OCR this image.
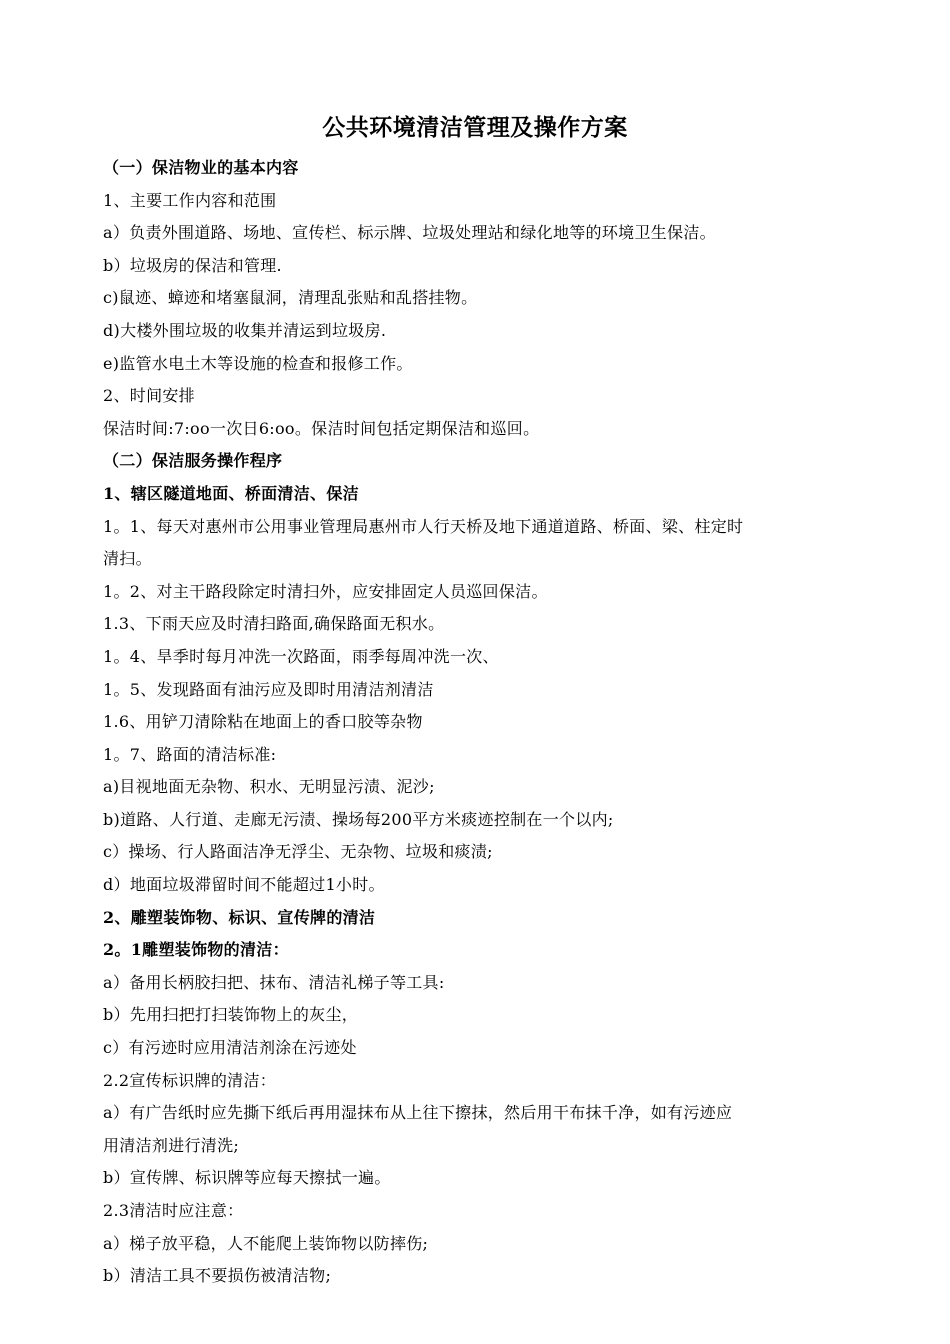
公共环境清洁管理及操作方案
（一）保洁物业的基本内容
1、主要工作内容和范围
a）负责外围道路、场地、宣传栏、标示牌、垃圾处理站和绿化地等的环境卫生保洁。
b）垃圾房的保洁和管理.
c)鼠迹、蟑迹和堵塞鼠洞，清理乱张贴和乱搭挂物。
d)大楼外围垃圾的收集并清运到垃圾房.
e)监管水电土木等设施的检查和报修工作。
2、时间安排
保洁时间:7:oo一次日6:oo。保洁时间包括定期保洁和巡回。
（二）保洁服务操作程序
1、辖区隧道地面、桥面清洁、保洁
1。1、每天对惠州市公用事业管理局惠州市人行天桥及地下通道道路、桥面、梁、柱定时
清扫。
1。2、对主干路段除定时清扫外，应安排固定人员巡回保洁。
1.3、下雨天应及时清扫路面,确保路面无积水。
1。4、旱季时每月冲洗一次路面，雨季每周冲洗一次、
1。5、发现路面有油污应及即时用清洁剂清洁
1.6、用铲刀清除粘在地面上的香口胶等杂物
1。7、路面的清洁标准:
a)目视地面无杂物、积水、无明显污渍、泥沙;
b)道路、人行道、走廊无污渍、操场每200平方米痰迹控制在一个以内;
c）操场、行人路面洁净无浮尘、无杂物、垃圾和痰渍;
d）地面垃圾滞留时间不能超过1小时。
2、雕塑装饰物、标识、宣传牌的清洁
2。1雕塑装饰物的清洁：
a）备用长柄胶扫把、抹布、清洁礼梯子等工具:
b）先用扫把打扫装饰物上的灰尘，
c）有污迹时应用清洁剂涂在污迹处
2.2宣传标识牌的清洁：
a）有广告纸时应先撕下纸后再用湿抹布从上往下擦抹，然后用干布抹千净，如有污迹应
用清洁剂进行清洗;
b）宣传牌、标识牌等应每天擦拭一遍。
2.3清洁时应注意：
a）梯子放平稳，人不能爬上装饰物以防摔伤;
b）清洁工具不要损伤被清洁物;
